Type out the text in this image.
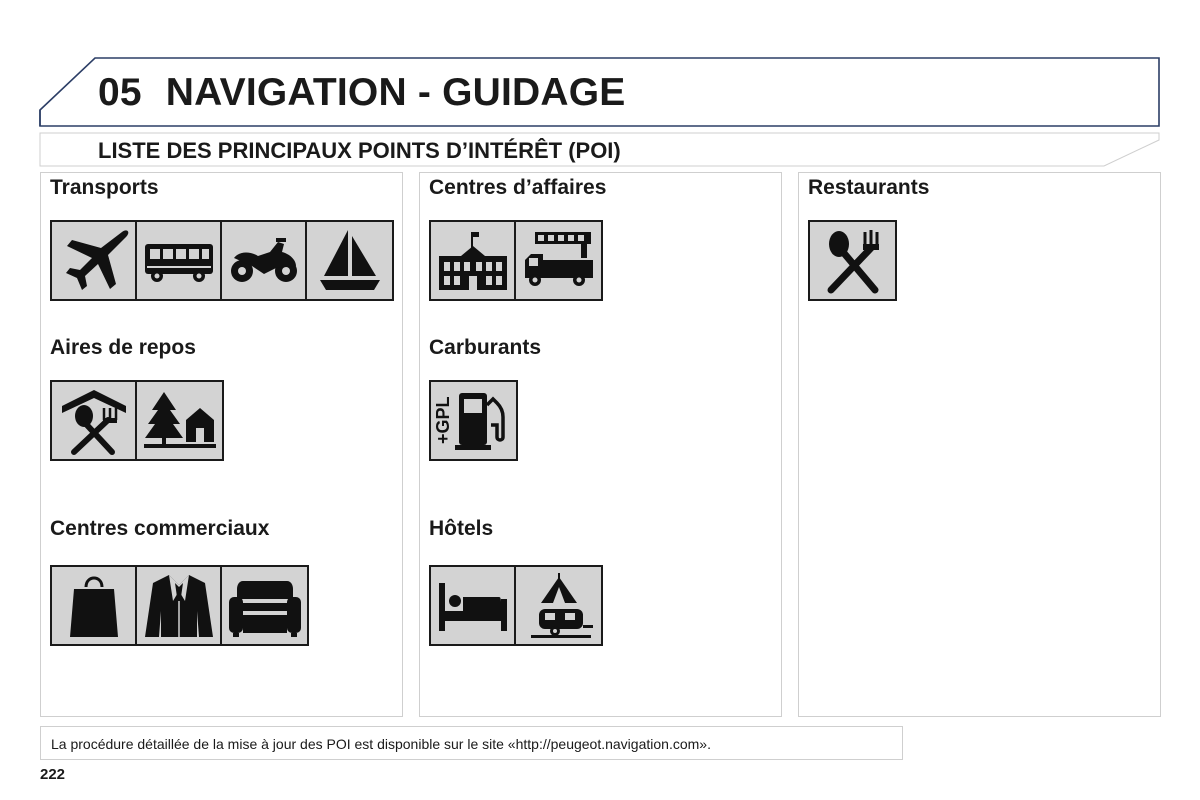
05 NAVIGATION - GUIDAGE
LISTE DES PRINCIPAUX POINTS D’INTÉRÊT (POI)
Transports
Aires de repos
Centres commerciaux
Centres d’affaires
Carburants
+GPL
Hôtels
Restaurants
La procédure détaillée de la mise à jour des POI est disponible sur le site «http://peugeot.navigation.com».
222
